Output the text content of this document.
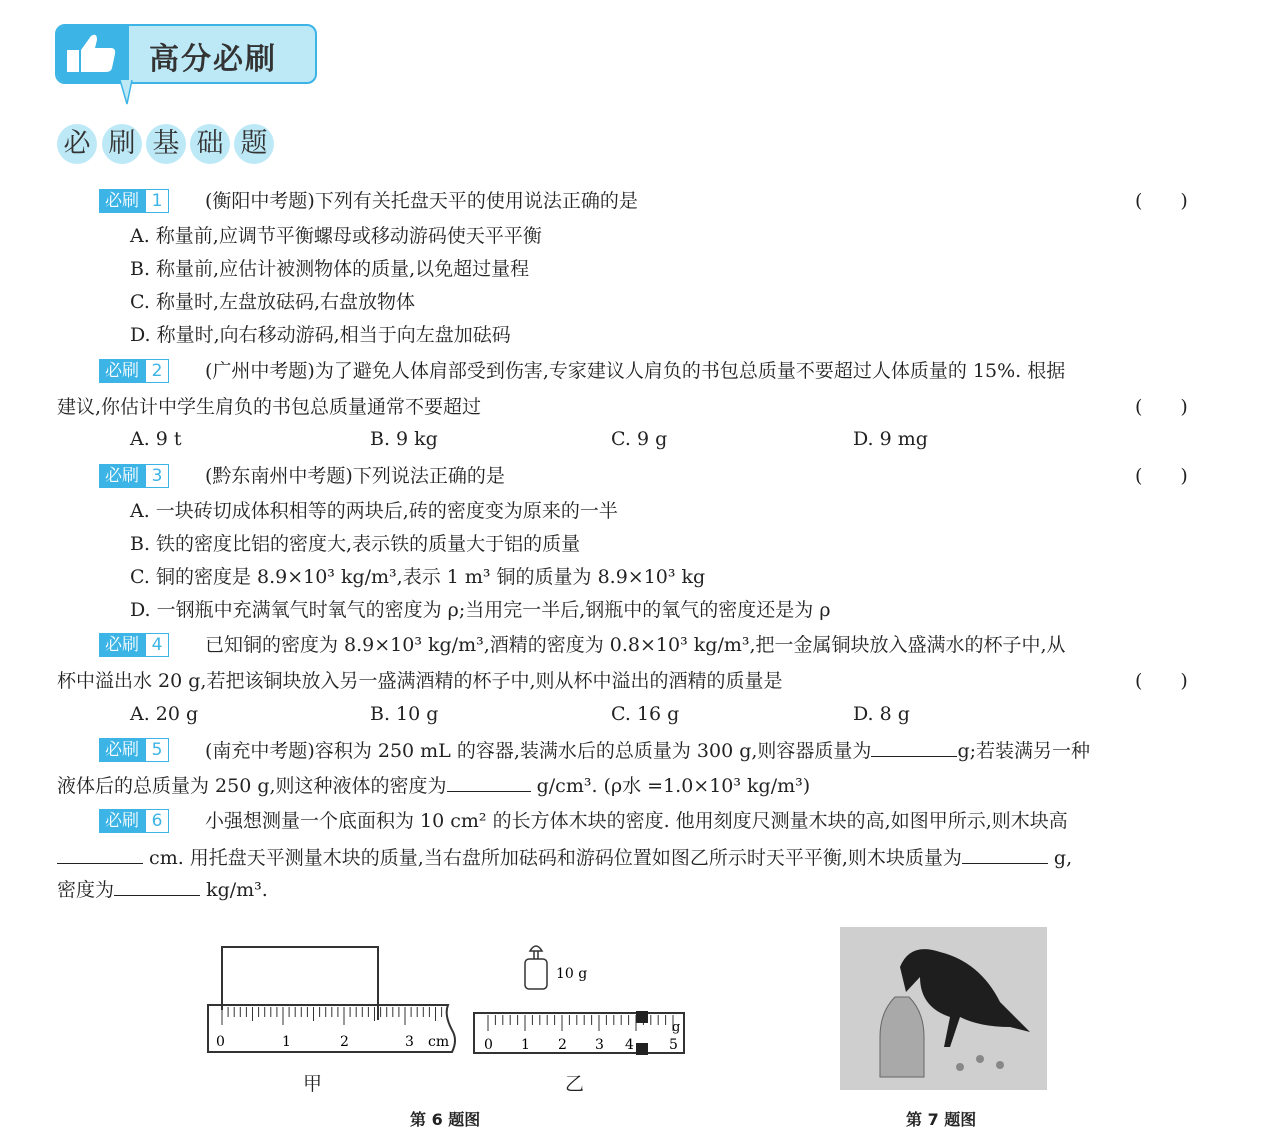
高分必刷
必 刷 基 础 题
必刷 1	(衡阳中考题)下列有关托盘天平的使用说法正确的是	(　　)
A. 称量前,应调节平衡螺母或移动游码使天平平衡
B. 称量前,应估计被测物体的质量,以免超过量程
C. 称量时,左盘放砝码,右盘放物体
D. 称量时,向右移动游码,相当于向左盘加砝码
必刷 2	(广州中考题)为了避免人体肩部受到伤害,专家建议人肩负的书包总质量不要超过人体质量的 15%. 根据
建议,你估计中学生肩负的书包总质量通常不要超过	(　　)
A. 9 t	B. 9 kg	C. 9 g	D. 9 mg
必刷 3	(黔东南州中考题)下列说法正确的是	(　　)
A. 一块砖切成体积相等的两块后,砖的密度变为原来的一半
B. 铁的密度比铝的密度大,表示铁的质量大于铝的质量
C. 铜的密度是 8.9×10³ kg/m³,表示 1 m³ 铜的质量为 8.9×10³ kg
D. 一钢瓶中充满氧气时氧气的密度为 ρ;当用完一半后,钢瓶中的氧气的密度还是为 ρ
必刷 4	已知铜的密度为 8.9×10³ kg/m³,酒精的密度为 0.8×10³ kg/m³,把一金属铜块放入盛满水的杯子中,从
杯中溢出水 20 g,若把该铜块放入另一盛满酒精的杯子中,则从杯中溢出的酒精的质量是	(　　)
A. 20 g	B. 10 g	C. 16 g	D. 8 g
必刷 5	(南充中考题)容积为 250 mL 的容器,装满水后的总质量为 300 g,则容器质量为	g;若装满另一种
液体后的总质量为 250 g,则这种液体的密度为	g/cm³. (ρ水 =1.0×10³ kg/m³)
必刷 6	小强想测量一个底面积为 10 cm² 的长方体木块的密度. 他用刻度尺测量木块的高,如图甲所示,则木块高
cm. 用托盘天平测量木块的质量,当右盘所加砝码和游码位置如图乙所示时天平平衡,则木块质量为	g,
密度为	kg/m³.
0	1	2	3 cm
10 g
0 1 2 3 4	5
g
甲	乙
第 6 题图	第 7 题图
